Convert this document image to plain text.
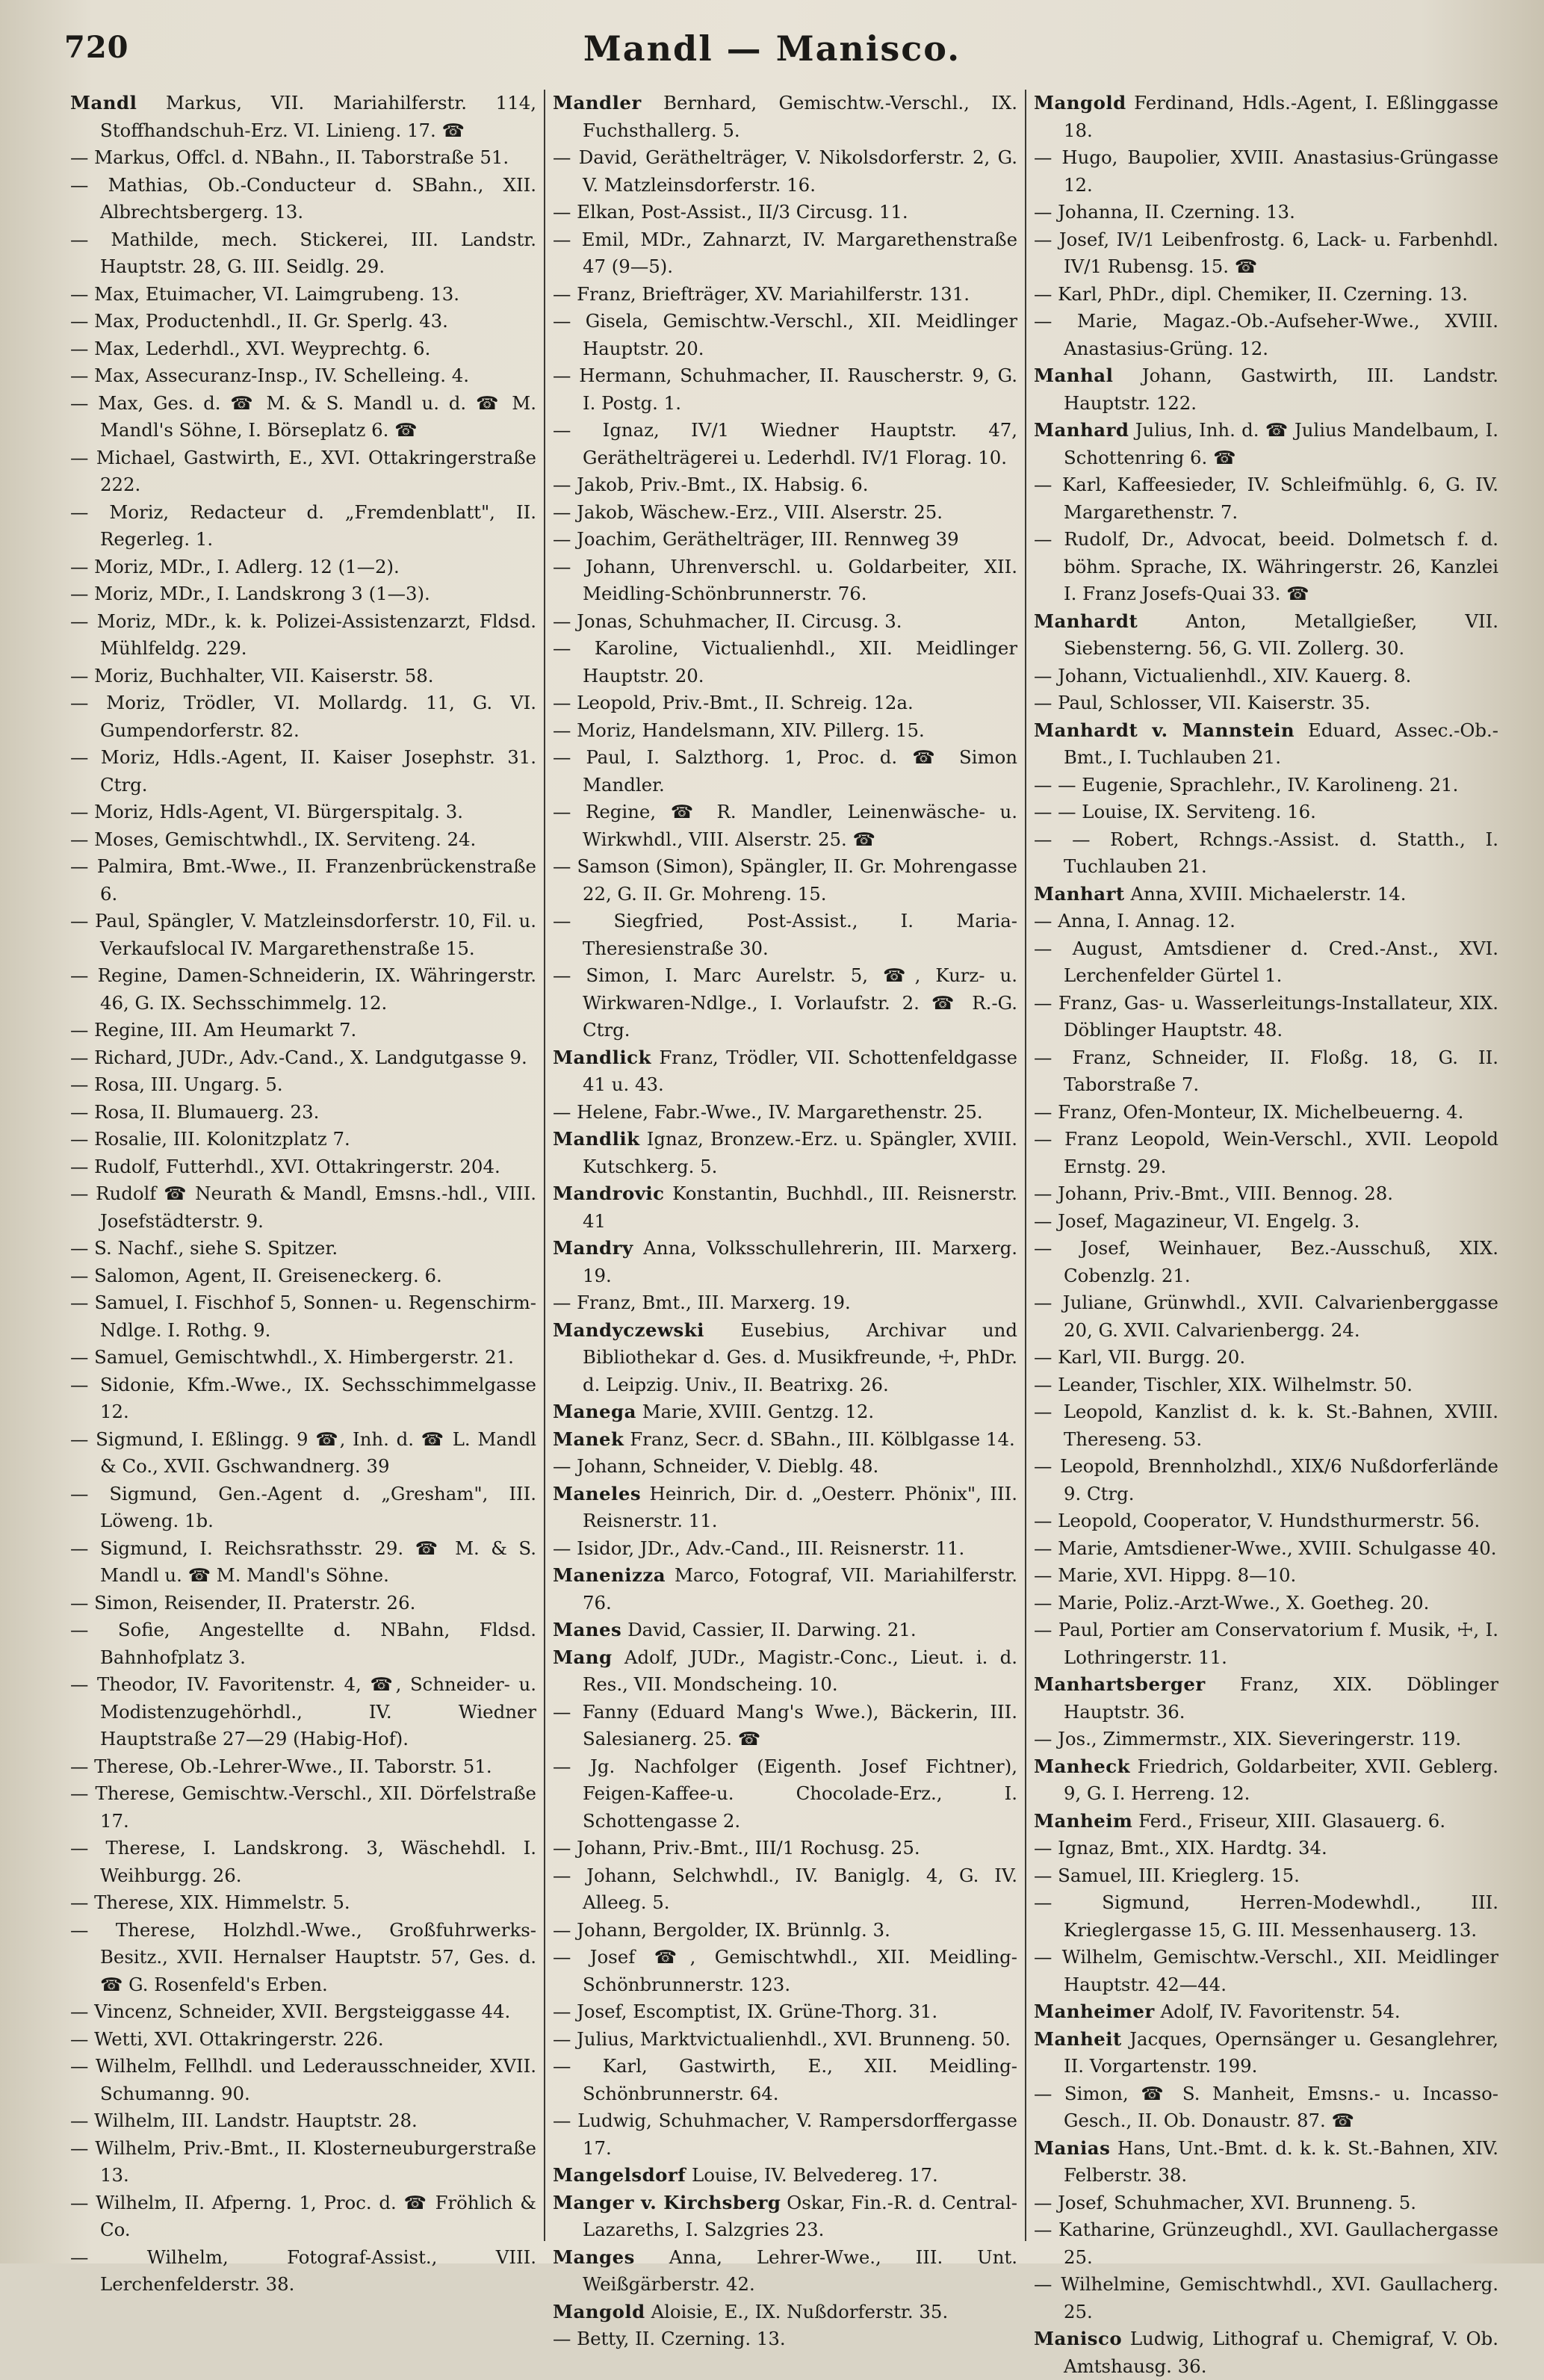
720	Mandl — Manisco.

Mandl Markus, VII. Mariahilferstr. 114, Stoffhandschuh-Erz. VI. Linieng. 17. ☎

— Markus, Offcl. d. NBahn., II. Taborstraße 51.

— Mathias, Ob.-Conducteur d. SBahn., XII. Albrechtsbergerg. 13.

— Mathilde, mech. Stickerei, III. Landstr. Hauptstr. 28, G. III. Seidlg. 29.

— Max, Etuimacher, VI. Laimgrubeng. 13.

— Max, Productenhdl., II. Gr. Sperlg. 43.

— Max, Lederhdl., XVI. Weyprechtg. 6.

— Max, Assecuranz-Insp., IV. Schelleing. 4.

— Max, Ges. d. ☎ M. & S. Mandl u. d. ☎ M. Mandl's Söhne, I. Börseplatz 6. ☎

— Michael, Gastwirth, E., XVI. Ottakringerstraße 222.

— Moriz, Redacteur d. „Fremdenblatt", II. Regerleg. 1.

— Moriz, MDr., I. Adlerg. 12 (1—2).

— Moriz, MDr., I. Landskrong 3 (1—3).

— Moriz, MDr., k. k. Polizei-Assistenzarzt, Fldsd. Mühlfeldg. 229.

— Moriz, Buchhalter, VII. Kaiserstr. 58.

— Moriz, Trödler, VI. Mollardg. 11, G. VI. Gumpendorferstr. 82.

— Moriz, Hdls.-Agent, II. Kaiser Josephstr. 31. Ctrg.

— Moriz, Hdls-Agent, VI. Bürgerspitalg. 3.

— Moses, Gemischtwhdl., IX. Serviteng. 24.

— Palmira, Bmt.-Wwe., II. Franzenbrückenstraße 6.

— Paul, Spängler, V. Matzleinsdorferstr. 10, Fil. u. Verkaufslocal IV. Margarethenstraße 15.

— Regine, Damen-Schneiderin, IX. Währingerstr. 46, G. IX. Sechsschimmelg. 12.

— Regine, III. Am Heumarkt 7.

— Richard, JUDr., Adv.-Cand., X. Landgutgasse 9.

— Rosa, III. Ungarg. 5.

— Rosa, II. Blumauerg. 23.

— Rosalie, III. Kolonitzplatz 7.

— Rudolf, Futterhdl., XVI. Ottakringerstr. 204.

— Rudolf ☎ Neurath & Mandl, Emsns.-hdl., VIII. Josefstädterstr. 9.

— S. Nachf., siehe S. Spitzer.

— Salomon, Agent, II. Greiseneckerg. 6.

— Samuel, I. Fischhof 5, Sonnen- u. Regenschirm-Ndlge. I. Rothg. 9.

— Samuel, Gemischtwhdl., X. Himbergerstr. 21.

— Sidonie, Kfm.-Wwe., IX. Sechsschimmelgasse 12.

— Sigmund, I. Eßlingg. 9 ☎, Inh. d. ☎ L. Mandl & Co., XVII. Gschwandnerg. 39

— Sigmund, Gen.-Agent d. „Gresham", III. Löweng. 1b.

— Sigmund, I. Reichsrathsstr. 29. ☎ M. & S. Mandl u. ☎ M. Mandl's Söhne.

— Simon, Reisender, II. Praterstr. 26.

— Sofie, Angestellte d. NBahn, Fldsd. Bahnhofplatz 3.

— Theodor, IV. Favoritenstr. 4, ☎, Schneider- u. Modistenzugehörhdl., IV. Wiedner Hauptstraße 27—29 (Habig-Hof).

— Therese, Ob.-Lehrer-Wwe., II. Taborstr. 51.

— Therese, Gemischtw.-Verschl., XII. Dörfelstraße 17.

— Therese, I. Landskrong. 3, Wäschehdl. I. Weihburgg. 26.

— Therese, XIX. Himmelstr. 5.

— Therese, Holzhdl.-Wwe., Großfuhrwerks-Besitz., XVII. Hernalser Hauptstr. 57, Ges. d. ☎ G. Rosenfeld's Erben.

— Vincenz, Schneider, XVII. Bergsteiggasse 44.

— Wetti, XVI. Ottakringerstr. 226.

— Wilhelm, Fellhdl. und Lederausschneider, XVII. Schumanng. 90.

— Wilhelm, III. Landstr. Hauptstr. 28.

— Wilhelm, Priv.-Bmt., II. Klosterneuburgerstraße 13.

— Wilhelm, II. Afperng. 1, Proc. d. ☎ Fröhlich & Co.

— Wilhelm, Fotograf-Assist., VIII. Lerchenfelderstr. 38.

Mandler Bernhard, Gemischtw.-Verschl., IX. Fuchsthallerg. 5.

— David, Geräthelträger, V. Nikolsdorferstr. 2, G. V. Matzleinsdorferstr. 16.

— Elkan, Post-Assist., II/3 Circusg. 11.

— Emil, MDr., Zahnarzt, IV. Margarethenstraße 47 (9—5).

— Franz, Briefträger, XV. Mariahilferstr. 131.

— Gisela, Gemischtw.-Verschl., XII. Meidlinger Hauptstr. 20.

— Hermann, Schuhmacher, II. Rauscherstr. 9, G. I. Postg. 1.

— Ignaz, IV/1 Wiedner Hauptstr. 47, Geräthelträgerei u. Lederhdl. IV/1 Florag. 10.

— Jakob, Priv.-Bmt., IX. Habsig. 6.

— Jakob, Wäschew.-Erz., VIII. Alserstr. 25.

— Joachim, Geräthelträger, III. Rennweg 39

— Johann, Uhrenverschl. u. Goldarbeiter, XII. Meidling-Schönbrunnerstr. 76.

— Jonas, Schuhmacher, II. Circusg. 3.

— Karoline, Victualienhdl., XII. Meidlinger Hauptstr. 20.

— Leopold, Priv.-Bmt., II. Schreig. 12a.

— Moriz, Handelsmann, XIV. Pillerg. 15.

— Paul, I. Salzthorg. 1, Proc. d. ☎ Simon Mandler.

— Regine, ☎ R. Mandler, Leinenwäsche- u. Wirkwhdl., VIII. Alserstr. 25. ☎

— Samson (Simon), Spängler, II. Gr. Mohrengasse 22, G. II. Gr. Mohreng. 15.

— Siegfried, Post-Assist., I. Maria-Theresienstraße 30.

— Simon, I. Marc Aurelstr. 5, ☎, Kurz- u. Wirkwaren-Ndlge., I. Vorlaufstr. 2. ☎ R.-G. Ctrg.

Mandlick Franz, Trödler, VII. Schottenfeldgasse 41 u. 43.

— Helene, Fabr.-Wwe., IV. Margarethenstr. 25.

Mandlik Ignaz, Bronzew.-Erz. u. Spängler, XVIII. Kutschkerg. 5.

Mandrovic Konstantin, Buchhdl., III. Reisnerstr. 41

Mandry Anna, Volksschullehrerin, III. Marxerg. 19.

— Franz, Bmt., III. Marxerg. 19.

Mandyczewski Eusebius, Archivar und Bibliothekar d. Ges. d. Musikfreunde, ☩, PhDr. d. Leipzig. Univ., II. Beatrixg. 26.

Manega Marie, XVIII. Gentzg. 12.

Manek Franz, Secr. d. SBahn., III. Kölblgasse 14.

— Johann, Schneider, V. Dieblg. 48.

Maneles Heinrich, Dir. d. „Oesterr. Phönix", III. Reisnerstr. 11.

— Isidor, JDr., Adv.-Cand., III. Reisnerstr. 11.

Manenizza Marco, Fotograf, VII. Mariahilferstr. 76.

Manes David, Cassier, II. Darwing. 21.

Mang Adolf, JUDr., Magistr.-Conc., Lieut. i. d. Res., VII. Mondscheing. 10.

— Fanny (Eduard Mang's Wwe.), Bäckerin, III. Salesianerg. 25. ☎

— Jg. Nachfolger (Eigenth. Josef Fichtner), Feigen-Kaffee-u. Chocolade-Erz., I. Schottengasse 2.

— Johann, Priv.-Bmt., III/1 Rochusg. 25.

— Johann, Selchwhdl., IV. Baniglg. 4, G. IV. Alleeg. 5.

— Johann, Bergolder, IX. Brünnlg. 3.

— Josef ☎, Gemischtwhdl., XII. Meidling-Schönbrunnerstr. 123.

— Josef, Escomptist, IX. Grüne-Thorg. 31.

— Julius, Marktvictualienhdl., XVI. Brunneng. 50.

— Karl, Gastwirth, E., XII. Meidling-Schönbrunnerstr. 64.

— Ludwig, Schuhmacher, V. Rampersdorffergasse 17.

Mangelsdorf Louise, IV. Belvedereg. 17.

Manger v. Kirchsberg Oskar, Fin.-R. d. Central-Lazareths, I. Salzgries 23.

Manges Anna, Lehrer-Wwe., III. Unt. Weißgärberstr. 42.

Mangold Aloisie, E., IX. Nußdorferstr. 35.

— Betty, II. Czerning. 13.

Mangold Ferdinand, Hdls.-Agent, I. Eßlinggasse 18.

— Hugo, Baupolier, XVIII. Anastasius-Grüngasse 12.

— Johanna, II. Czerning. 13.

— Josef, IV/1 Leibenfrostg. 6, Lack- u. Farbenhdl. IV/1 Rubensg. 15. ☎

— Karl, PhDr., dipl. Chemiker, II. Czerning. 13.

— Marie, Magaz.-Ob.-Aufseher-Wwe., XVIII. Anastasius-Grüng. 12.

Manhal Johann, Gastwirth, III. Landstr. Hauptstr. 122.

Manhard Julius, Inh. d. ☎ Julius Mandelbaum, I. Schottenring 6. ☎

— Karl, Kaffeesieder, IV. Schleifmühlg. 6, G. IV. Margarethenstr. 7.

— Rudolf, Dr., Advocat, beeid. Dolmetsch f. d. böhm. Sprache, IX. Währingerstr. 26, Kanzlei I. Franz Josefs-Quai 33. ☎

Manhardt	Anton, Metallgießer, VII. Siebensterng. 56, G. VII. Zollerg. 30.

— Johann, Victualienhdl., XIV. Kauerg. 8.

— Paul, Schlosser, VII. Kaiserstr. 35.

Manhardt v. Mannstein Eduard, Assec.-Ob.-Bmt., I. Tuchlauben 21.

— — Eugenie, Sprachlehr., IV. Karolineng. 21.

— — Louise, IX. Serviteng. 16.

— — Robert, Rchngs.-Assist. d. Statth., I. Tuchlauben 21.

Manhart Anna, XVIII. Michaelerstr. 14.

— Anna, I. Annag. 12.

— August, Amtsdiener d. Cred.-Anst., XVI. Lerchenfelder Gürtel 1.

— Franz, Gas- u. Wasserleitungs-Installateur, XIX. Döblinger Hauptstr. 48.

— Franz, Schneider, II. Floßg. 18, G. II. Taborstraße 7.

— Franz, Ofen-Monteur, IX. Michelbeuerng. 4.

— Franz Leopold, Wein-Verschl., XVII. Leopold Ernstg. 29.

— Johann, Priv.-Bmt., VIII. Bennog. 28.

— Josef, Magazineur, VI. Engelg. 3.

— Josef, Weinhauer, Bez.-Ausschuß, XIX. Cobenzlg. 21.

— Juliane, Grünwhdl., XVII. Calvarienberggasse 20, G. XVII. Calvarienbergg. 24.

— Karl, VII. Burgg. 20.

— Leander, Tischler, XIX. Wilhelmstr. 50.

— Leopold, Kanzlist d. k. k. St.-Bahnen, XVIII. Thereseng. 53.

— Leopold, Brennholzhdl., XIX/6 Nußdorferlände 9. Ctrg.

— Leopold, Cooperator, V. Hundsthurmerstr. 56.

— Marie, Amtsdiener-Wwe., XVIII. Schulgasse 40.

— Marie, XVI. Hippg. 8—10.

— Marie, Poliz.-Arzt-Wwe., X. Goetheg. 20.

— Paul, Portier am Conservatorium f. Musik, ☩, I. Lothringerstr. 11.

Manhartsberger Franz, XIX. Döblinger Hauptstr. 36.

— Jos., Zimmermstr., XIX. Sieveringerstr. 119.

Manheck Friedrich, Goldarbeiter, XVII. Geblerg. 9, G. I. Herreng. 12.

Manheim Ferd., Friseur, XIII. Glasauerg. 6.

— Ignaz, Bmt., XIX. Hardtg. 34.

— Samuel, III. Krieglerg. 15.

— Sigmund, Herren-Modewhdl., III. Krieglergasse 15, G. III. Messenhauserg. 13.

— Wilhelm, Gemischtw.-Verschl., XII. Meidlinger Hauptstr. 42—44.

Manheimer Adolf, IV. Favoritenstr. 54.

Manheit Jacques, Opernsänger u. Gesanglehrer, II. Vorgartenstr. 199.

— Simon, ☎ S. Manheit, Emsns.- u. Incasso-Gesch., II. Ob. Donaustr. 87. ☎

Manias Hans, Unt.-Bmt. d. k. k. St.-Bahnen, XIV. Felberstr. 38.

— Josef, Schuhmacher, XVI. Brunneng. 5.

— Katharine, Grünzeughdl., XVI. Gaullachergasse 25.

— Wilhelmine, Gemischtwhdl., XVI. Gaullacherg. 25.

Manisco Ludwig, Lithograf u. Chemigraf, V. Ob. Amtshausg. 36.
